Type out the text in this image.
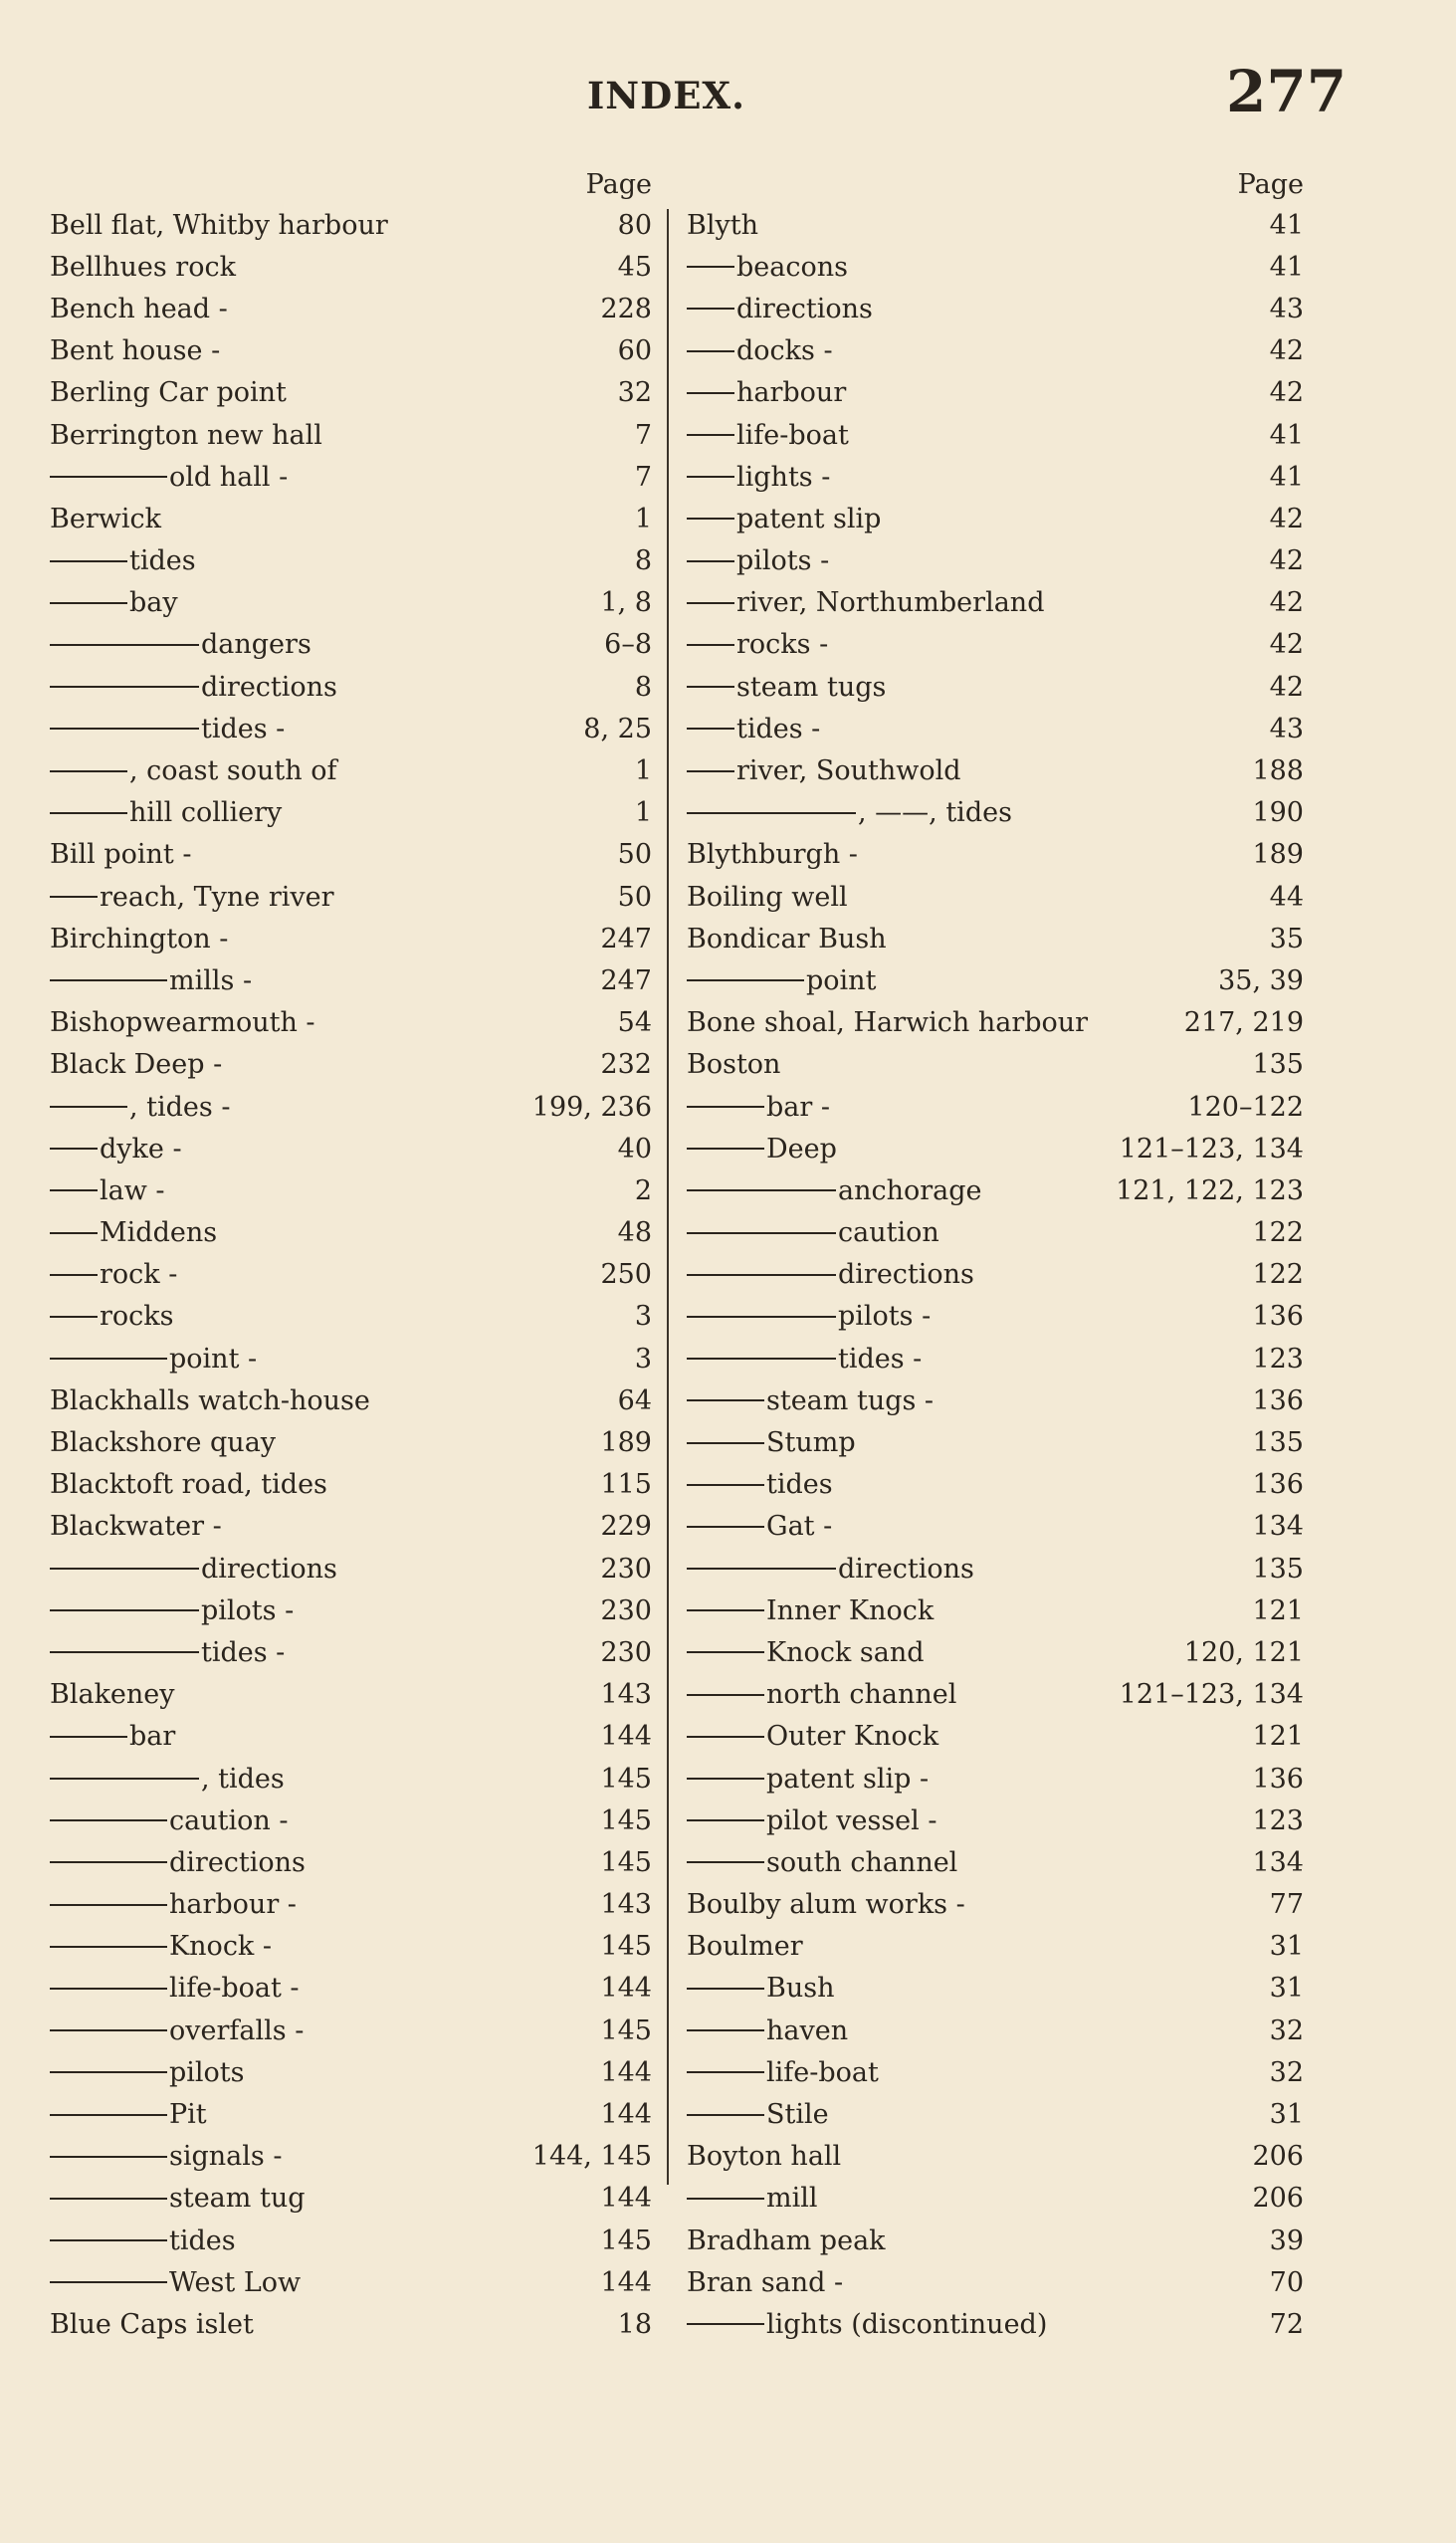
INDEX.	277
Page
Bell flat, Whitby harbour	80
Bellhues rock	45
Bench head -	228
Bent house -	60
Berling Car point	32
Berrington new hall	7
old hall -	7
Berwick	1
tides	8
bay	1, 8
dangers	6–8
directions	8
tides -	8, 25
, coast south of	1
hill colliery	1
Bill point -	50
reach, Tyne river	50
Birchington -	247
mills -	247
Bishopwearmouth -	54
Black Deep -	232
, tides -	199, 236
dyke -	40
law -	2
Middens	48
rock -	250
rocks	3
point -	3
Blackhalls watch-house	64
Blackshore quay	189
Blacktoft road, tides	115
Blackwater -	229
directions	230
pilots -	230
tides -	230
Blakeney	143
bar	144
, tides	145
caution -	145
directions	145
harbour -	143
Knock -	145
life-boat -	144
overfalls -	145
pilots	144
Pit	144
signals -	144, 145
steam tug	144
tides	145
West Low	144
Blue Caps islet	18
Page
Blyth	41
beacons	41
directions	43
docks -	42
harbour	42
life-boat	41
lights -	41
patent slip	42
pilots -	42
river, Northumberland	42
rocks -	42
steam tugs	42
tides -	43
river, Southwold	188
, ——, tides	190
Blythburgh -	189
Boiling well	44
Bondicar Bush	35
point	35, 39
Bone shoal, Harwich harbour	217, 219
Boston	135
bar -	120–122
Deep	121–123, 134
anchorage	121, 122, 123
caution	122
directions	122
pilots -	136
tides -	123
steam tugs -	136
Stump	135
tides	136
Gat -	134
directions	135
Inner Knock	121
Knock sand	120, 121
north channel	121–123, 134
Outer Knock	121
patent slip -	136
pilot vessel -	123
south channel	134
Boulby alum works -	77
Boulmer	31
Bush	31
haven	32
life-boat	32
Stile	31
Boyton hall	206
mill	206
Bradham peak	39
Bran sand -	70
lights (discontinued)	72
